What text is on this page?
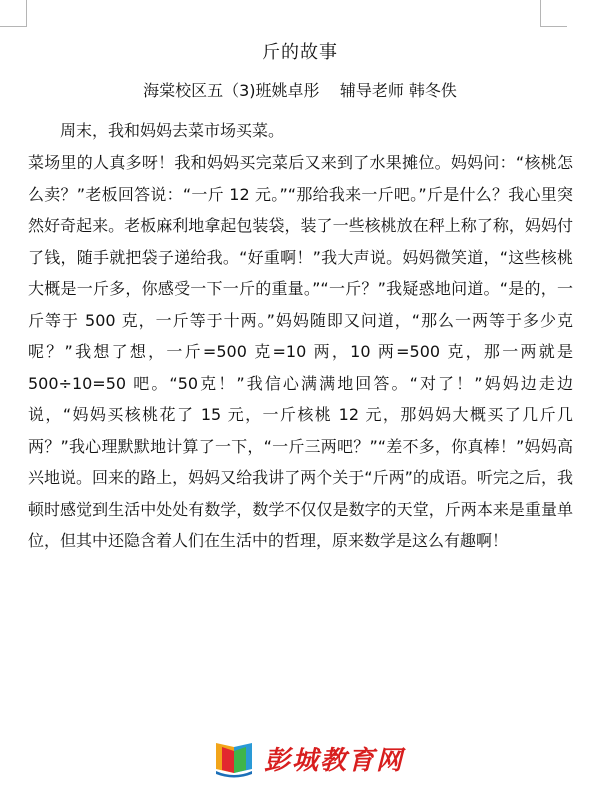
斤的故事
海棠校区五（3)班姚卓彤    辅导老师 韩冬佚

周末，我和妈妈去菜市场买菜。

菜场里的人真多呀！我和妈妈买完菜后又来到了水果摊位。妈妈问：“核桃怎么卖？”老板回答说：“一斤 12 元。”“那给我来一斤吧。”斤是什么？我心里突然好奇起来。老板麻利地拿起包装袋，装了一些核桃放在秤上称了称，妈妈付了钱，随手就把袋子递给我。“好重啊！”我大声说。妈妈微笑道，“这些核桃大概是一斤多，你感受一下一斤的重量。”“一斤？”我疑惑地问道。“是的，一斤等于 500 克，一斤等于十两。”妈妈随即又问道，“那么一两等于多少克呢？”我想了想，一斤=500 克=10 两，10 两=500 克，那一两就是 500÷10=50 吧。“50克！”我信心满满地回答。“对了！”妈妈边走边说，“妈妈买核桃花了 15 元，一斤核桃 12 元，那妈妈大概买了几斤几两？”我心理默默地计算了一下，“一斤三两吧？”“差不多，你真棒！”妈妈高兴地说。回来的路上，妈妈又给我讲了两个关于“斤两”的成语。听完之后，我顿时感觉到生活中处处有数学，数学不仅仅是数字的天堂，斤两本来是重量单位，但其中还隐含着人们在生活中的哲理，原来数学是这么有趣啊！

彭城教育网
